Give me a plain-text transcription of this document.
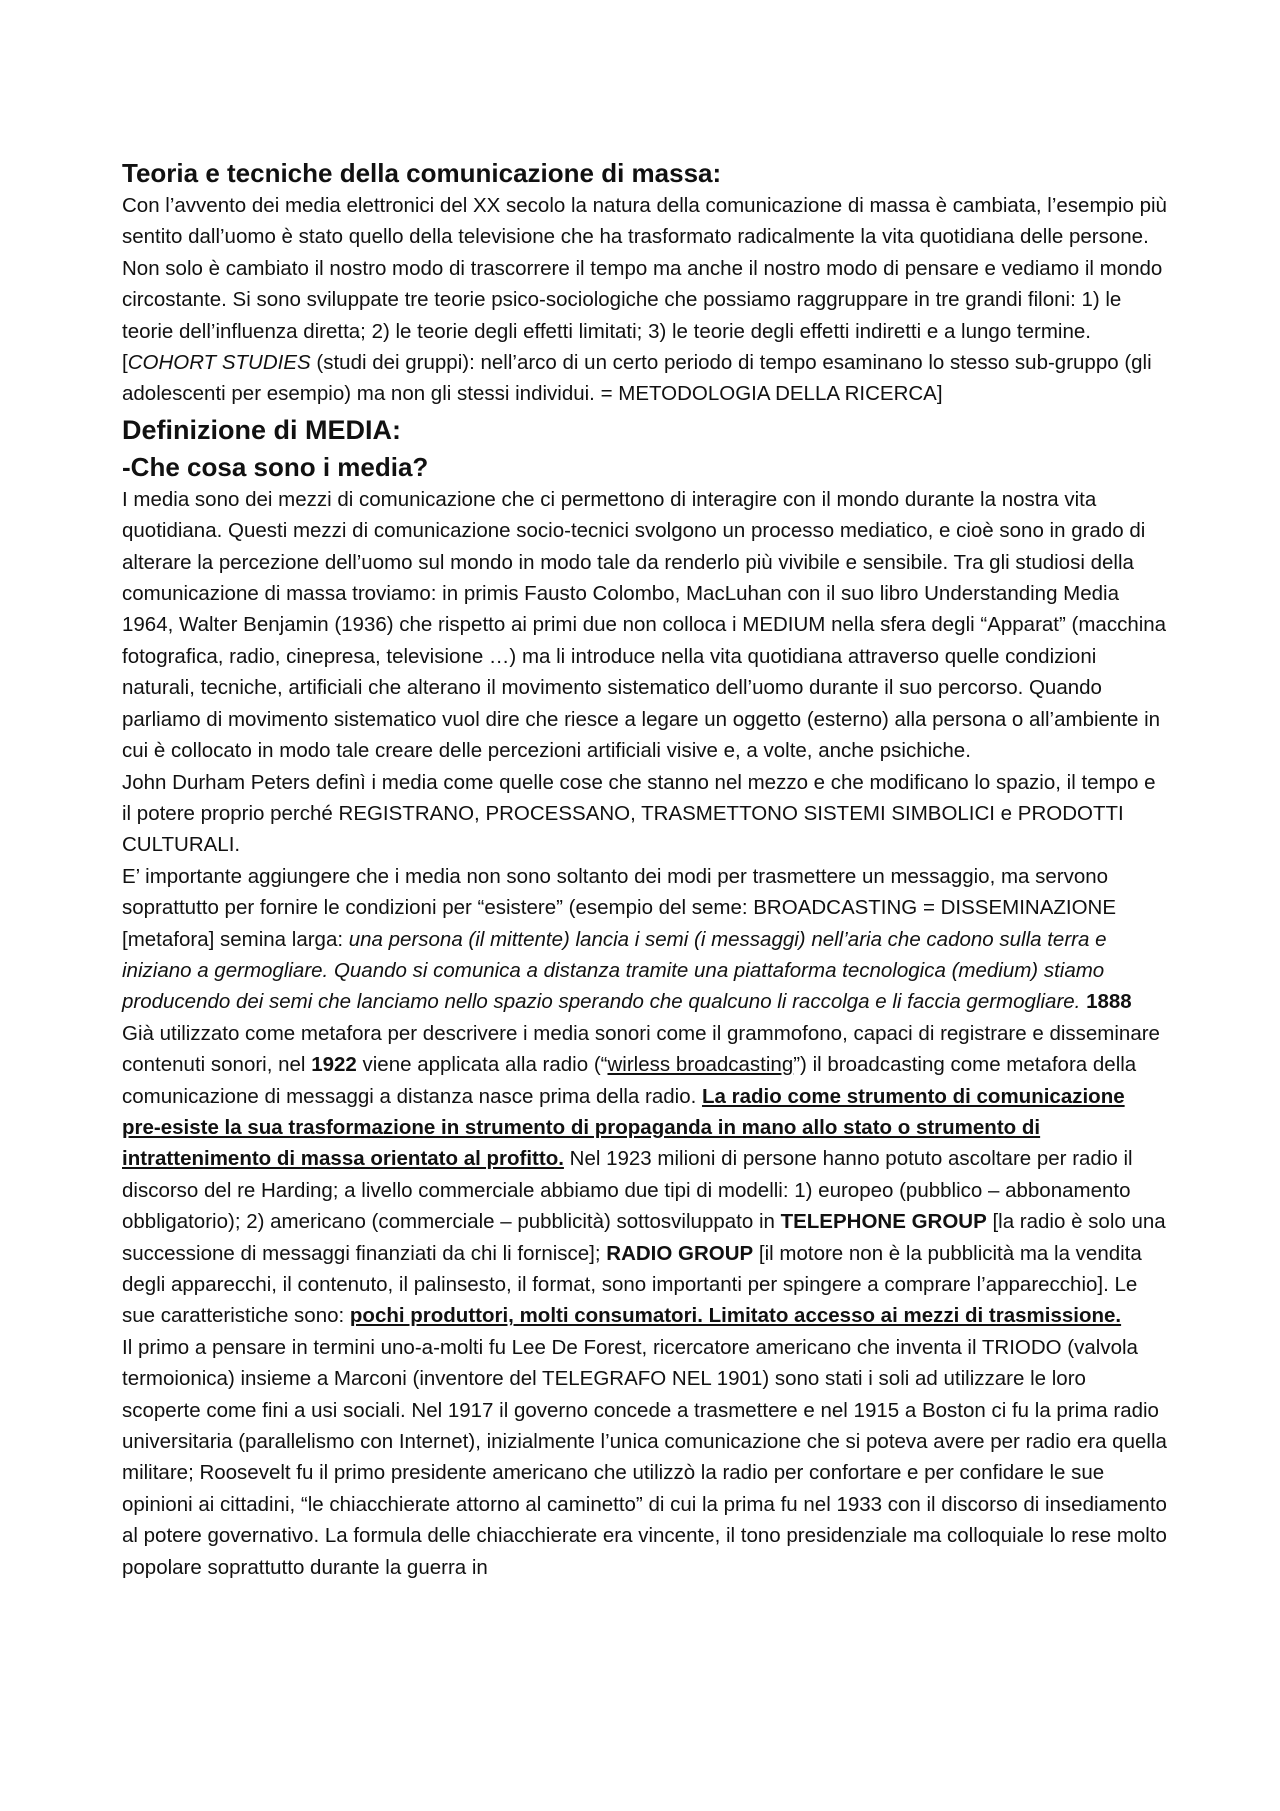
Teoria e tecniche della comunicazione di massa:

Con l’avvento dei media elettronici del XX secolo la natura della comunicazione di massa è cambiata, l’esempio più sentito dall’uomo è stato quello della televisione che ha trasformato radicalmente la vita quotidiana delle persone. Non solo è cambiato il nostro modo di trascorrere il tempo ma anche il nostro modo di pensare e vediamo il mondo circostante. Si sono sviluppate tre teorie psico-sociologiche che possiamo raggruppare in tre grandi filoni: 1) le teorie dell’influenza diretta; 2) le teorie degli effetti limitati; 3) le teorie degli effetti indiretti e a lungo termine.

[COHORT STUDIES (studi dei gruppi): nell’arco di un certo periodo di tempo esaminano lo stesso sub-gruppo (gli adolescenti per esempio) ma non gli stessi individui. = METODOLOGIA DELLA RICERCA]

Definizione di MEDIA:
-Che cosa sono i media?

I media sono dei mezzi di comunicazione che ci permettono di interagire con il mondo durante la nostra vita quotidiana. Questi mezzi di comunicazione socio-tecnici svolgono un processo mediatico, e cioè sono in grado di alterare la percezione dell’uomo sul mondo in modo tale da renderlo più vivibile e sensibile. Tra gli studiosi della comunicazione di massa troviamo: in primis Fausto Colombo, MacLuhan con il suo libro Understanding Media 1964, Walter Benjamin (1936) che rispetto ai primi due non colloca i MEDIUM nella sfera degli “Apparat” (macchina fotografica, radio, cinepresa, televisione …) ma li introduce nella vita quotidiana attraverso quelle condizioni naturali, tecniche, artificiali che alterano il movimento sistematico dell’uomo durante il suo percorso. Quando parliamo di movimento sistematico vuol dire che riesce a legare un oggetto (esterno) alla persona o all’ambiente in cui è collocato in modo tale creare delle percezioni artificiali visive e, a volte, anche psichiche.

John Durham Peters definì i media come quelle cose che stanno nel mezzo e che modificano lo spazio, il tempo e il potere proprio perché REGISTRANO, PROCESSANO, TRASMETTONO SISTEMI SIMBOLICI e PRODOTTI CULTURALI.

E’ importante aggiungere che i media non sono soltanto dei modi per trasmettere un messaggio, ma servono soprattutto per fornire le condizioni per “esistere” (esempio del seme: BROADCASTING = DISSEMINAZIONE [metafora] semina larga: una persona (il mittente) lancia i semi (i messaggi) nell’aria che cadono sulla terra e iniziano a germogliare. Quando si comunica a distanza tramite una piattaforma tecnologica (medium) stiamo producendo dei semi che lanciamo nello spazio sperando che qualcuno li raccolga e li faccia germogliare. 1888 Già utilizzato come metafora per descrivere i media sonori come il grammofono, capaci di registrare e disseminare contenuti sonori, nel 1922 viene applicata alla radio (“wirless broadcasting”) il broadcasting come metafora della comunicazione di messaggi a distanza nasce prima della radio. La radio come strumento di comunicazione pre-esiste la sua trasformazione in strumento di propaganda in mano allo stato o strumento di intrattenimento di massa orientato al profitto. Nel 1923 milioni di persone hanno potuto ascoltare per radio il discorso del re Harding; a livello commerciale abbiamo due tipi di modelli: 1) europeo (pubblico – abbonamento obbligatorio); 2) americano (commerciale – pubblicità) sottosviluppato in TELEPHONE GROUP [la radio è solo una successione di messaggi finanziati da chi li fornisce]; RADIO GROUP [il motore non è la pubblicità ma la vendita degli apparecchi, il contenuto, il palinsesto, il format, sono importanti per spingere a comprare l’apparecchio]. Le sue caratteristiche sono: pochi produttori, molti consumatori. Limitato accesso ai mezzi di trasmissione.

Il primo a pensare in termini uno-a-molti fu Lee De Forest, ricercatore americano che inventa il TRIODO (valvola termoionica) insieme a Marconi (inventore del TELEGRAFO NEL 1901) sono stati i soli ad utilizzare le loro scoperte come fini a usi sociali. Nel 1917 il governo concede a trasmettere e nel 1915 a Boston ci fu la prima radio universitaria (parallelismo con Internet), inizialmente l’unica comunicazione che si poteva avere per radio era quella militare; Roosevelt fu il primo presidente americano che utilizzò la radio per confortare e per confidare le sue opinioni ai cittadini, “le chiacchierate attorno al caminetto” di cui la prima fu nel 1933 con il discorso di insediamento al potere governativo. La formula delle chiacchierate era vincente, il tono presidenziale ma colloquiale lo rese molto popolare soprattutto durante la guerra in
